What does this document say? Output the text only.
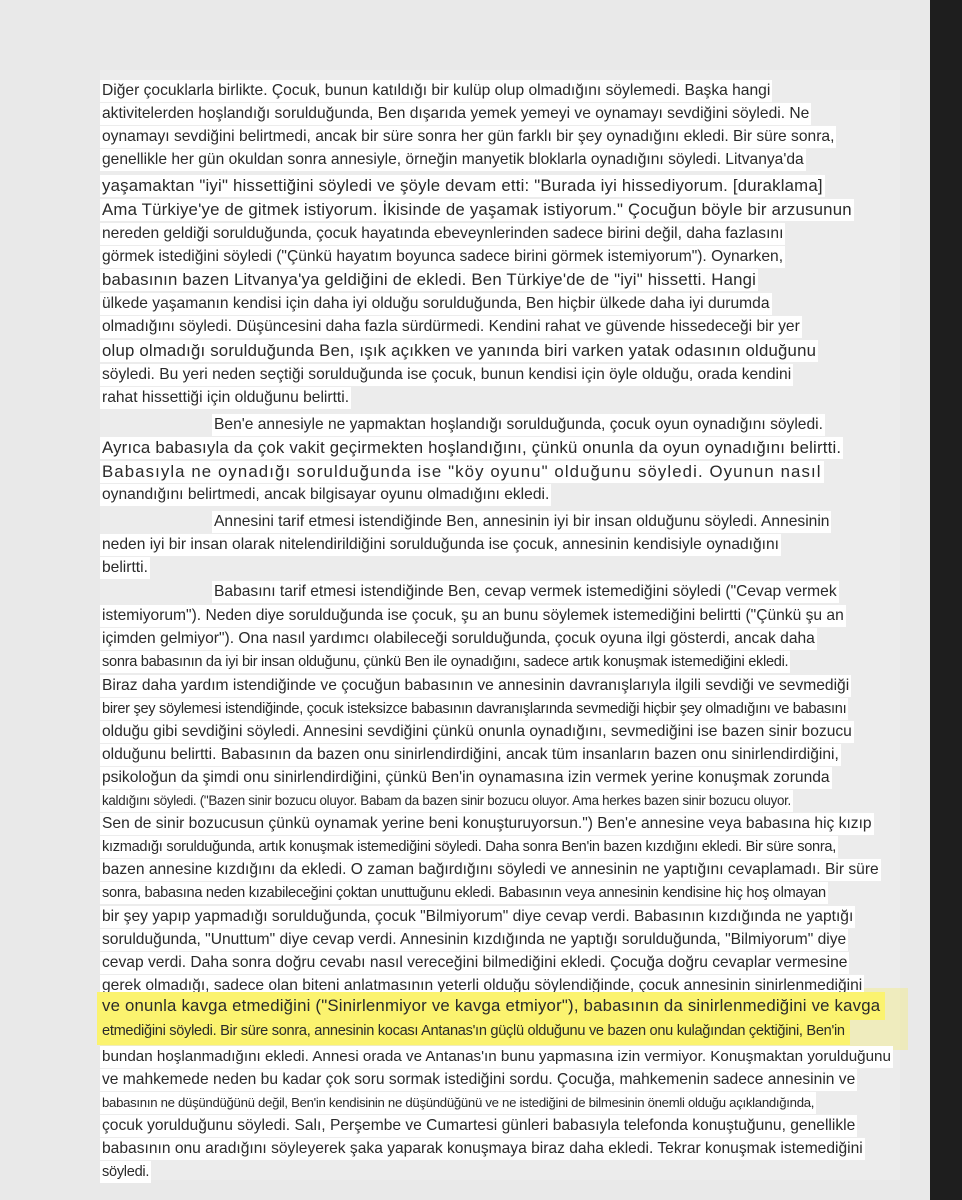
Diğer çocuklarla birlikte. Çocuk, bunun katıldığı bir kulüp olup olmadığını söylemedi. Başka hangi
aktivitelerden hoşlandığı sorulduğunda, Ben dışarıda yemek yemeyi ve oynamayı sevdiğini söyledi. Ne
oynamayı sevdiğini belirtmedi, ancak bir süre sonra her gün farklı bir şey oynadığını ekledi. Bir süre sonra,
genellikle her gün okuldan sonra annesiyle, örneğin manyetik bloklarla oynadığını söyledi. Litvanya'da
yaşamaktan "iyi" hissettiğini söyledi ve şöyle devam etti: "Burada iyi hissediyorum. [duraklama]
Ama Türkiye'ye de gitmek istiyorum. İkisinde de yaşamak istiyorum." Çocuğun böyle bir arzusunun
nereden geldiği sorulduğunda, çocuk hayatında ebeveynlerinden sadece birini değil, daha fazlasını
görmek istediğini söyledi ("Çünkü hayatım boyunca sadece birini görmek istemiyorum"). Oynarken,
babasının bazen Litvanya'ya geldiğini de ekledi. Ben Türkiye'de de "iyi" hissetti. Hangi
ülkede yaşamanın kendisi için daha iyi olduğu sorulduğunda, Ben hiçbir ülkede daha iyi durumda
olmadığını söyledi. Düşüncesini daha fazla sürdürmedi. Kendini rahat ve güvende hissedeceği bir yer
olup olmadığı sorulduğunda Ben, ışık açıkken ve yanında biri varken yatak odasının olduğunu
söyledi. Bu yeri neden seçtiği sorulduğunda ise çocuk, bunun kendisi için öyle olduğu, orada kendini
rahat hissettiği için olduğunu belirtti.
Ben'e annesiyle ne yapmaktan hoşlandığı sorulduğunda, çocuk oyun oynadığını söyledi.
Ayrıca babasıyla da çok vakit geçirmekten hoşlandığını, çünkü onunla da oyun oynadığını belirtti.
Babasıyla ne oynadığı sorulduğunda ise "köy oyunu" olduğunu söyledi. Oyunun nasıl
oynandığını belirtmedi, ancak bilgisayar oyunu olmadığını ekledi.
Annesini tarif etmesi istendiğinde Ben, annesinin iyi bir insan olduğunu söyledi. Annesinin
neden iyi bir insan olarak nitelendirildiğini sorulduğunda ise çocuk, annesinin kendisiyle oynadığını
belirtti.
Babasını tarif etmesi istendiğinde Ben, cevap vermek istemediğini söyledi ("Cevap vermek
istemiyorum"). Neden diye sorulduğunda ise çocuk, şu an bunu söylemek istemediğini belirtti ("Çünkü şu an
içimden gelmiyor"). Ona nasıl yardımcı olabileceği sorulduğunda, çocuk oyuna ilgi gösterdi, ancak daha
sonra babasının da iyi bir insan olduğunu, çünkü Ben ile oynadığını, sadece artık konuşmak istemediğini ekledi.
Biraz daha yardım istendiğinde ve çocuğun babasının ve annesinin davranışlarıyla ilgili sevdiği ve sevmediği
birer şey söylemesi istendiğinde, çocuk isteksizce babasının davranışlarında sevmediği hiçbir şey olmadığını ve babasını
olduğu gibi sevdiğini söyledi. Annesini sevdiğini çünkü onunla oynadığını, sevmediğini ise bazen sinir bozucu
olduğunu belirtti. Babasının da bazen onu sinirlendirdiğini, ancak tüm insanların bazen onu sinirlendirdiğini,
psikoloğun da şimdi onu sinirlendirdiğini, çünkü Ben'in oynamasına izin vermek yerine konuşmak zorunda
kaldığını söyledi. ("Bazen sinir bozucu oluyor. Babam da bazen sinir bozucu oluyor. Ama herkes bazen sinir bozucu oluyor.
Sen de sinir bozucusun çünkü oynamak yerine beni konuşturuyorsun.") Ben'e annesine veya babasına hiç kızıp
kızmadığı sorulduğunda, artık konuşmak istemediğini söyledi. Daha sonra Ben'in bazen kızdığını ekledi. Bir süre sonra,
bazen annesine kızdığını da ekledi. O zaman bağırdığını söyledi ve annesinin ne yaptığını cevaplamadı. Bir süre
sonra, babasına neden kızabileceğini çoktan unuttuğunu ekledi. Babasının veya annesinin kendisine hiç hoş olmayan
bir şey yapıp yapmadığı sorulduğunda, çocuk "Bilmiyorum" diye cevap verdi. Babasının kızdığında ne yaptığı
sorulduğunda, "Unuttum" diye cevap verdi. Annesinin kızdığında ne yaptığı sorulduğunda, "Bilmiyorum" diye
cevap verdi. Daha sonra doğru cevabı nasıl vereceğini bilmediğini ekledi. Çocuğa doğru cevaplar vermesine
gerek olmadığı, sadece olan biteni anlatmasının yeterli olduğu söylendiğinde, çocuk annesinin sinirlenmediğini
ve onunla kavga etmediğini ("Sinirlenmiyor ve kavga etmiyor"), babasının da sinirlenmediğini ve kavga
etmediğini söyledi. Bir süre sonra, annesinin kocası Antanas'ın güçlü olduğunu ve bazen onu kulağından çektiğini, Ben'in
bundan hoşlanmadığını ekledi. Annesi orada ve Antanas'ın bunu yapmasına izin vermiyor. Konuşmaktan yorulduğunu
ve mahkemede neden bu kadar çok soru sormak istediğini sordu. Çocuğa, mahkemenin sadece annesinin ve
babasının ne düşündüğünü değil, Ben'in kendisinin ne düşündüğünü ve ne istediğini de bilmesinin önemli olduğu açıklandığında,
çocuk yorulduğunu söyledi. Salı, Perşembe ve Cumartesi günleri babasıyla telefonda konuştuğunu, genellikle
babasının onu aradığını söyleyerek şaka yaparak konuşmaya biraz daha ekledi. Tekrar konuşmak istemediğini
söyledi.
